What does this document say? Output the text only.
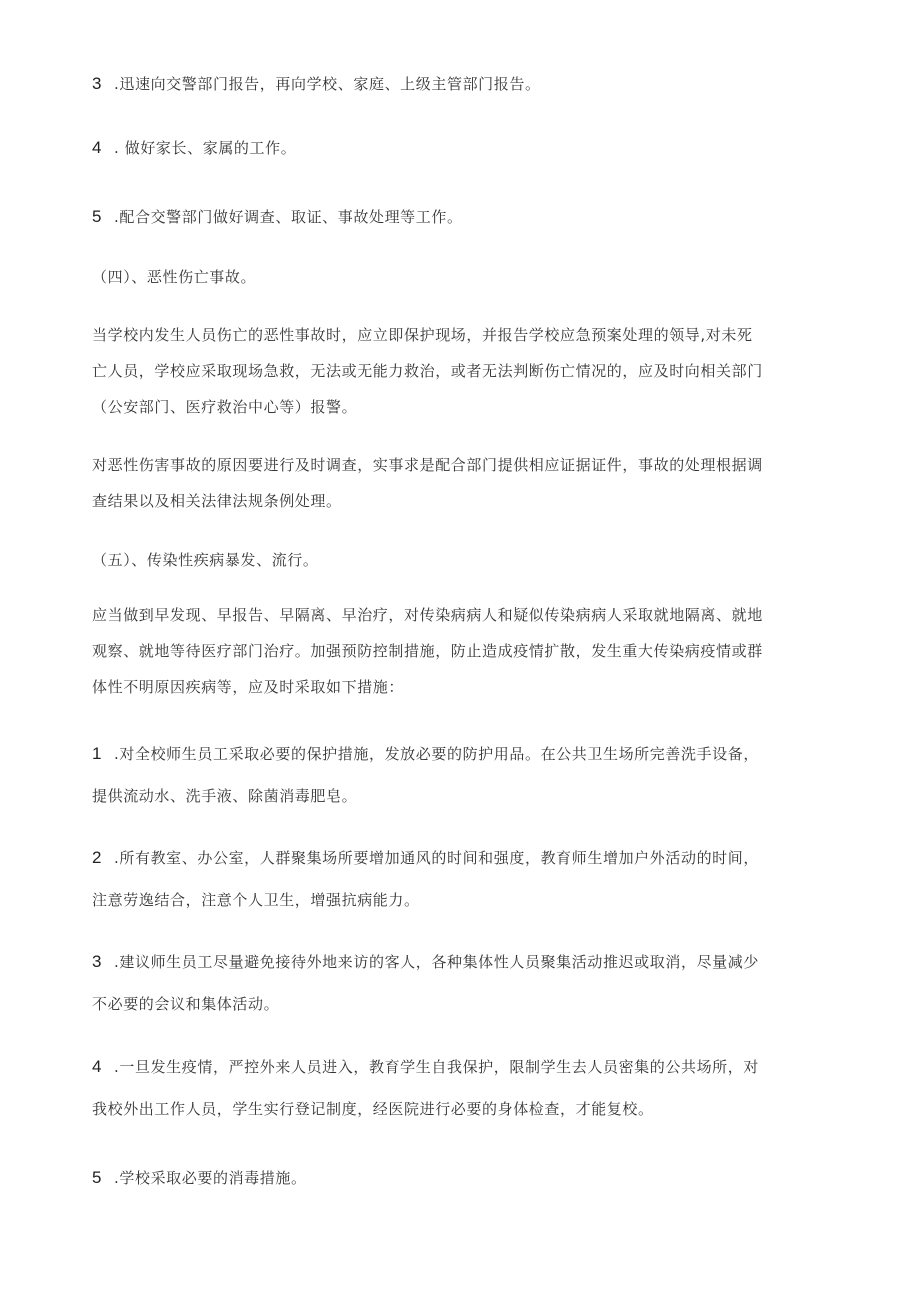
3 .迅速向交警部门报告，再向学校、家庭、上级主管部门报告。
4 . 做好家长、家属的工作。
5 .配合交警部门做好调查、取证、事故处理等工作。
（四）、恶性伤亡事故。
当学校内发生人员伤亡的恶性事故时，应立即保护现场，并报告学校应急预案处理的领导,对未死
亡人员，学校应采取现场急救，无法或无能力救治，或者无法判断伤亡情况的，应及时向相关部门
（公安部门、医疗救治中心等）报警。
对恶性伤害事故的原因要进行及时调查，实事求是配合部门提供相应证据证件，事故的处理根据调
查结果以及相关法律法规条例处理。
（五）、传染性疾病暴发、流行。
应当做到早发现、早报告、早隔离、早治疗，对传染病病人和疑似传染病病人采取就地隔离、就地
观察、就地等待医疗部门治疗。加强预防控制措施，防止造成疫情扩散，发生重大传染病疫情或群
体性不明原因疾病等，应及时采取如下措施：
1 .对全校师生员工采取必要的保护措施，发放必要的防护用品。在公共卫生场所完善洗手设备，
提供流动水、洗手液、除菌消毒肥皂。
2 .所有教室、办公室，人群聚集场所要增加通风的时间和强度，教育师生增加户外活动的时间，
注意劳逸结合，注意个人卫生，增强抗病能力。
3 .建议师生员工尽量避免接待外地来访的客人，各种集体性人员聚集活动推迟或取消，尽量减少
不必要的会议和集体活动。
4 .一旦发生疫情，严控外来人员进入，教育学生自我保护，限制学生去人员密集的公共场所，对
我校外出工作人员，学生实行登记制度，经医院进行必要的身体检查，才能复校。
5 .学校采取必要的消毒措施。
